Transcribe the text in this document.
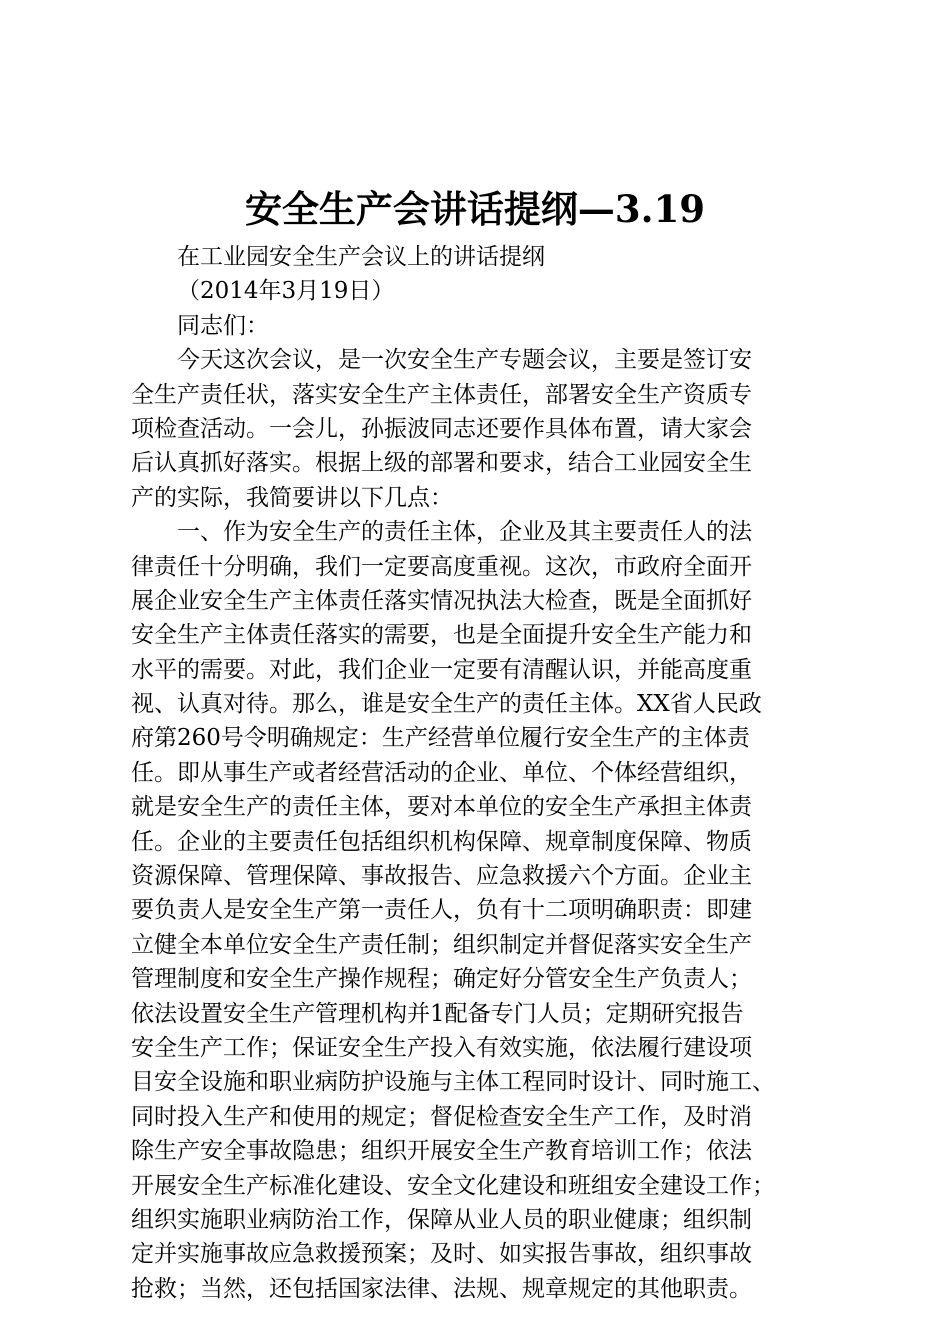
安全生产会讲话提纲—3.19
在工业园安全生产会议上的讲话提纲
（2014年3月19日）
同志们：
今天这次会议，是一次安全生产专题会议，主要是签订安
全生产责任状，落实安全生产主体责任，部署安全生产资质专
项检查活动。一会儿，孙振波同志还要作具体布置，请大家会
后认真抓好落实。根据上级的部署和要求，结合工业园安全生
产的实际，我简要讲以下几点：
一、作为安全生产的责任主体，企业及其主要责任人的法
律责任十分明确，我们一定要高度重视。这次，市政府全面开
展企业安全生产主体责任落实情况执法大检查，既是全面抓好
安全生产主体责任落实的需要，也是全面提升安全生产能力和
水平的需要。对此，我们企业一定要有清醒认识，并能高度重
视、认真对待。那么，谁是安全生产的责任主体。XX省人民政
府第260号令明确规定：生产经营单位履行安全生产的主体责
任。即从事生产或者经营活动的企业、单位、个体经营组织，
就是安全生产的责任主体，要对本单位的安全生产承担主体责
任。企业的主要责任包括组织机构保障、规章制度保障、物质
资源保障、管理保障、事故报告、应急救援六个方面。企业主
要负责人是安全生产第一责任人，负有十二项明确职责：即建
立健全本单位安全生产责任制；组织制定并督促落实安全生产
管理制度和安全生产操作规程；确定好分管安全生产负责人；
依法设置安全生产管理机构并1配备专门人员；定期研究报告
安全生产工作；保证安全生产投入有效实施，依法履行建设项
目安全设施和职业病防护设施与主体工程同时设计、同时施工、
同时投入生产和使用的规定；督促检查安全生产工作，及时消
除生产安全事故隐患；组织开展安全生产教育培训工作；依法
开展安全生产标准化建设、安全文化建设和班组安全建设工作；
组织实施职业病防治工作，保障从业人员的职业健康；组织制
定并实施事故应急救援预案；及时、如实报告事故，组织事故
抢救；当然，还包括国家法律、法规、规章规定的其他职责。
